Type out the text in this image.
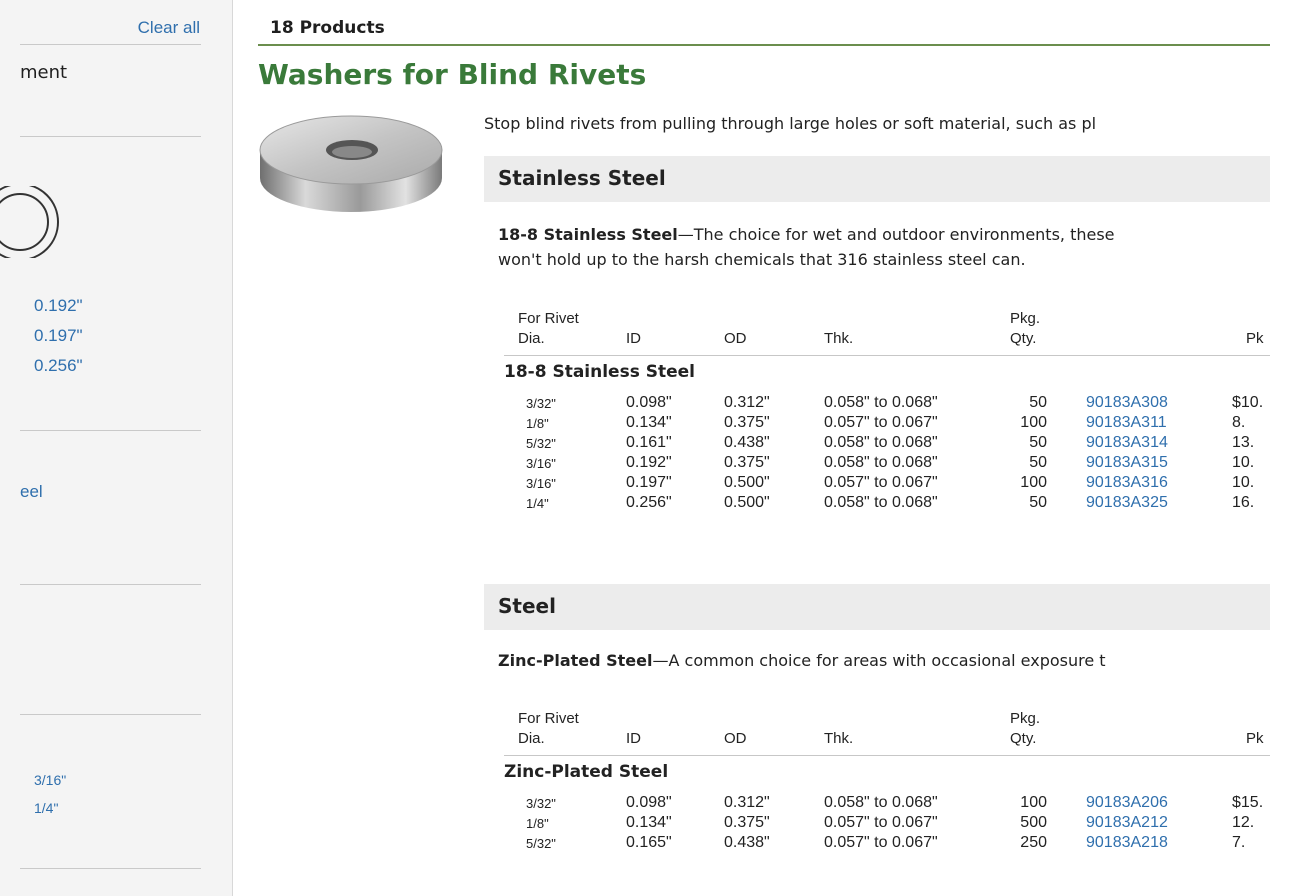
Clear all
ment
0.192"
0.197"
0.256"
eel
3/16"
1/4"
18 Products
Washers for Blind Rivets
Stop blind rivets from pulling through large holes or soft material, such as pl
Stainless Steel
18-8 Stainless Steel—The choice for wet and outdoor environments, these
won't hold up to the harsh chemicals that 316 stainless steel can.
For Rivet
Dia.	ID	OD	Thk.
Pkg.
Qty.	Pk
18-8 Stainless Steel
3/32"	0.098"	0.312"	0.058" to 0.068"	50 90183A308	$10.
1/8"	0.134"	0.375"	0.057" to 0.067"	100 90183A311	8.
5/32"	0.161"	0.438"	0.058" to 0.068"	50 90183A314	13.
3/16"	0.192"	0.375"	0.058" to 0.068"	50 90183A315	10.
3/16"	0.197"	0.500"	0.057" to 0.067"	100 90183A316	10.
1/4"	0.256"	0.500"	0.058" to 0.068"	50 90183A325	16.
Steel
Zinc-Plated Steel—A common choice for areas with occasional exposure t
For Rivet
Dia.	ID	OD	Thk.
Pkg.
Qty.	Pk
Zinc-Plated Steel
3/32"	0.098"	0.312"	0.058" to 0.068"	100 90183A206	$15.
1/8"	0.134"	0.375"	0.057" to 0.067"	500 90183A212	12.
5/32"	0.165"	0.438"	0.057" to 0.067"	250 90183A218	7.
